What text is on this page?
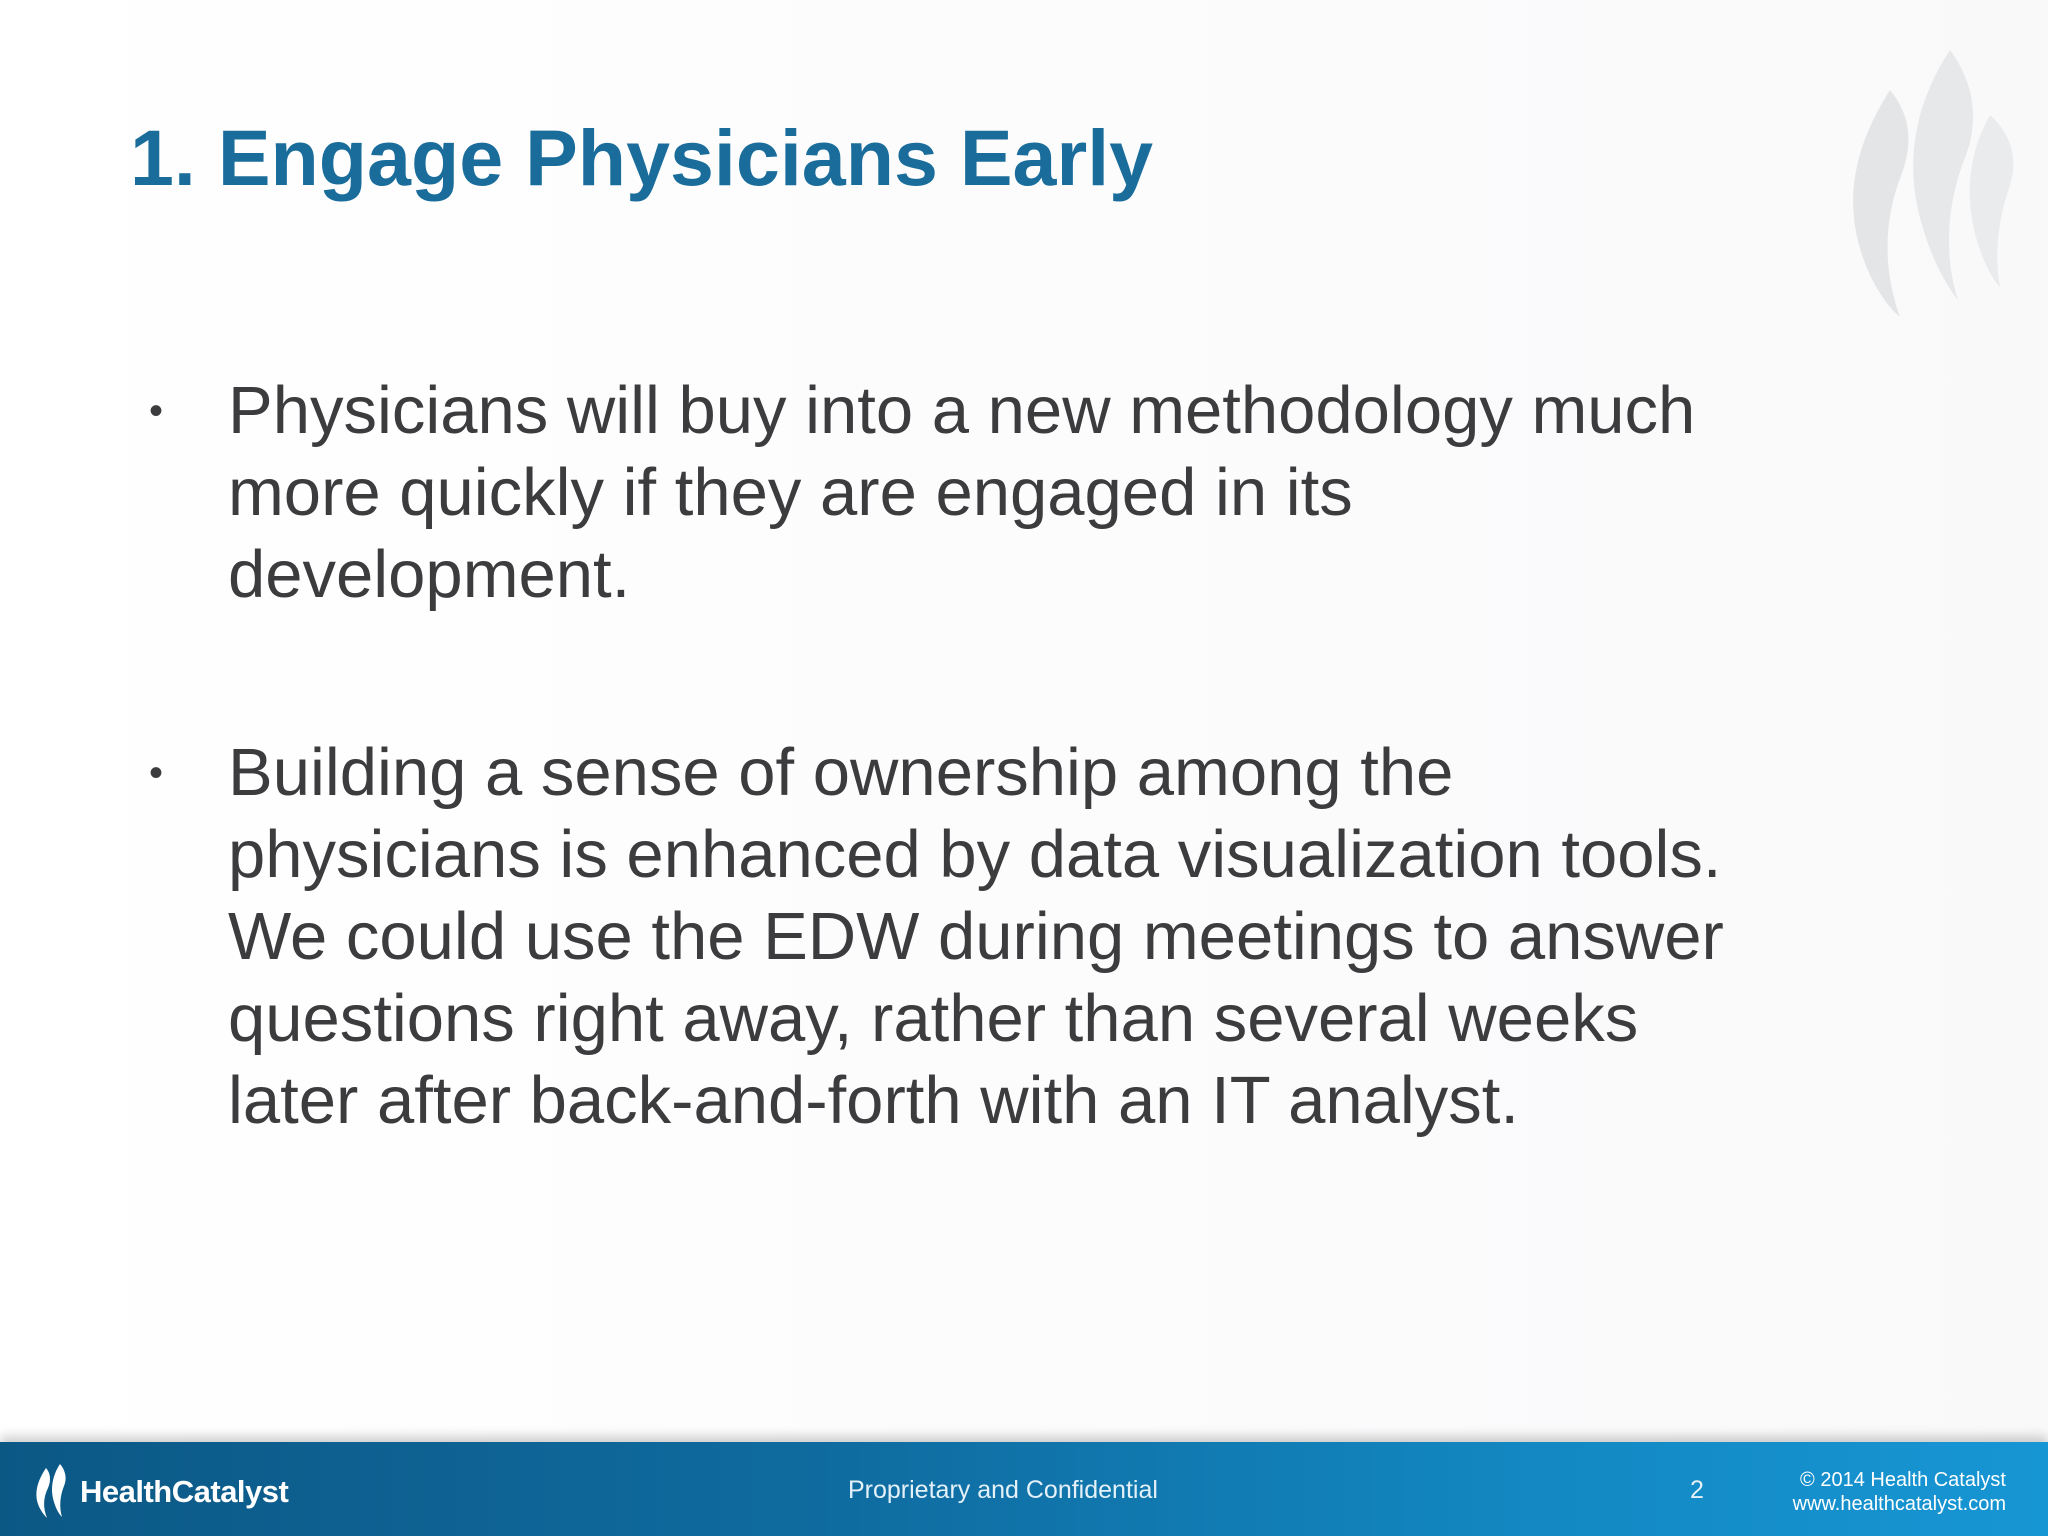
1. Engage Physicians Early
• Physicians will buy into a new methodology much
more quickly if they are engaged in its
development.
• Building a sense of ownership among the
physicians is enhanced by data visualization tools.
We could use the EDW during meetings to answer
questions right away, rather than several weeks
later after back-and-forth with an IT analyst.
HealthCatalyst	Proprietary and Confidential	2	© 2014 Health Catalyst
www.healthcatalyst.com
